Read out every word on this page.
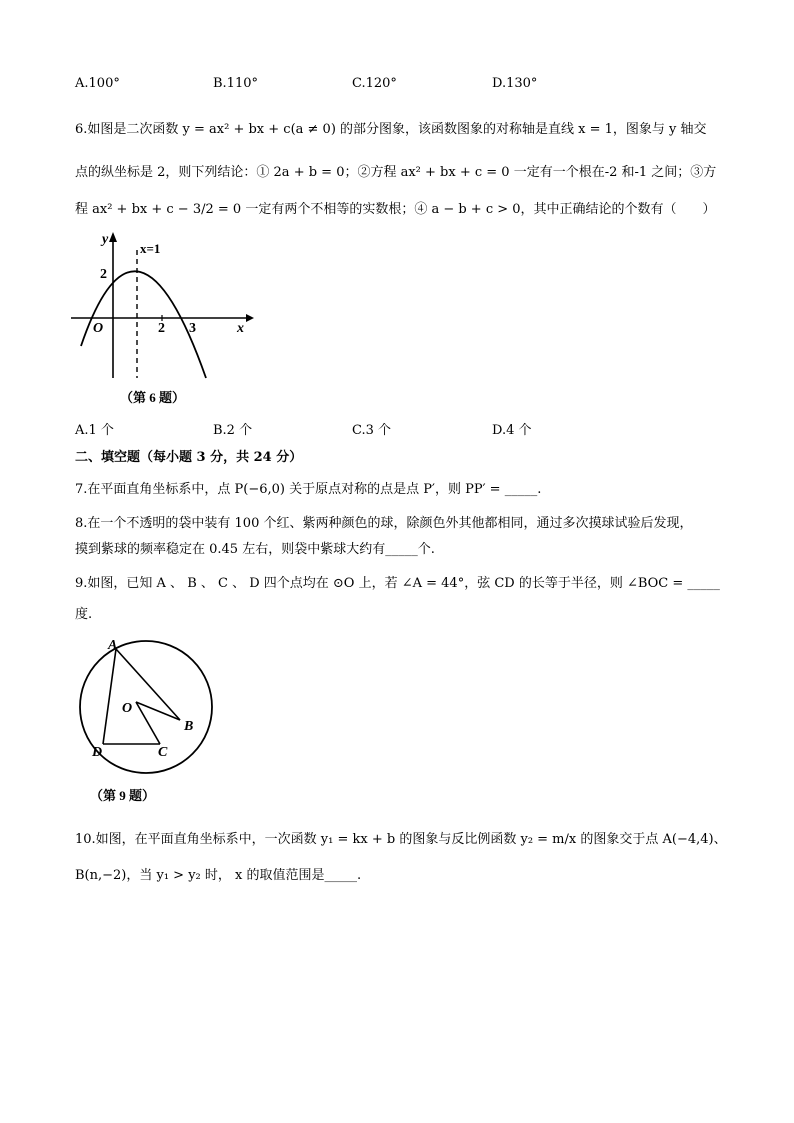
A.100°	B.110°	C.120°	D.130°
6.如图是二次函数 y = ax² + bx + c(a ≠ 0) 的部分图象，该函数图象的对称轴是直线 x = 1，图象与 y 轴交
点的纵坐标是 2，则下列结论：① 2a + b = 0；②方程 ax² + bx + c = 0 一定有一个根在-2 和-1 之间；③方
程 ax² + bx + c − 3/2 = 0 一定有两个不相等的实数根；④ a − b + c > 0，其中正确结论的个数有（　　）
y
x
x=1
2
O	2 3
（第 6 题）
A.1 个	B.2 个	C.3 个	D.4 个
二、填空题（每小题 3 分，共 24 分）
7.在平面直角坐标系中，点 P(−6,0) 关于原点对称的点是点 P′，则 PP′ = _____.
8.在一个不透明的袋中装有 100 个红、紫两种颜色的球，除颜色外其他都相同，通过多次摸球试验后发现，
摸到紫球的频率稳定在 0.45 左右，则袋中紫球大约有_____个.
9.如图，已知 A 、 B 、 C 、 D 四个点均在 ⊙O 上，若 ∠A = 44°，弦 CD 的长等于半径，则 ∠BOC = _____
度.
A
O
B
D	C
（第 9 题）
10.如图，在平面直角坐标系中，一次函数 y₁ = kx + b 的图象与反比例函数 y₂ = m/x 的图象交于点 A(−4,4)、
B(n,−2)，当 y₁ > y₂ 时， x 的取值范围是_____.
